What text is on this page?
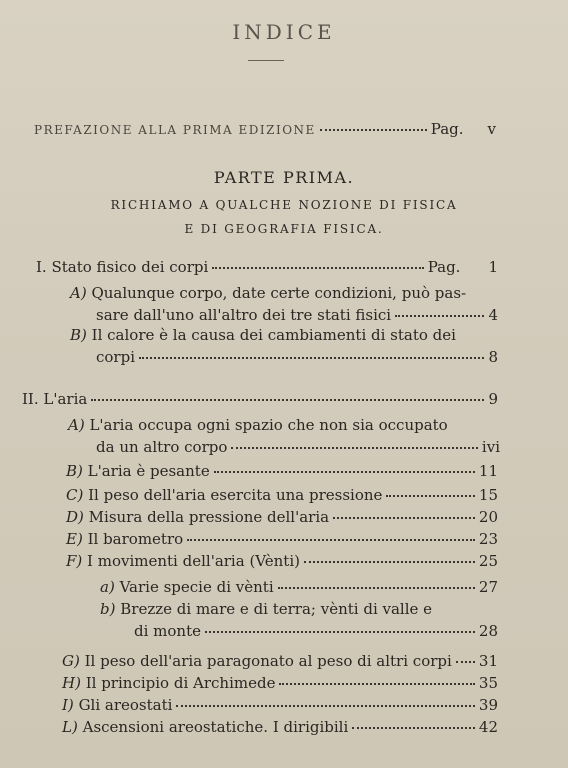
INDICE
PREFAZIONE ALLA PRIMA EDIZIONE	Pag. v
PARTE PRIMA.
RICHIAMO A QUALCHE NOZIONE DI FISICA
E DI GEOGRAFIA FISICA.
I. Stato fisico dei corpi	Pag. 1
A) Qualunque corpo, date certe condizioni, può pas-
sare dall'uno all'altro dei tre stati fisici	4
B) Il calore è la causa dei cambiamenti di stato dei
corpi	8
II. L'aria	9
A) L'aria occupa ogni spazio che non sia occupato
da un altro corpo	ivi
B) L'aria è pesante	11
C) Il peso dell'aria esercita una pressione	15
D) Misura della pressione dell'aria	20
E) Il barometro	23
F) I movimenti dell'aria (Vènti)	25
a) Varie specie di vènti	27
b) Brezze di mare e di terra; vènti di valle e
di monte	28
G) Il peso dell'aria paragonato al peso di altri corpi 31
H) Il principio di Archimede	35
I) Gli areostati	39
L) Ascensioni areostatiche. I dirigibili	42
